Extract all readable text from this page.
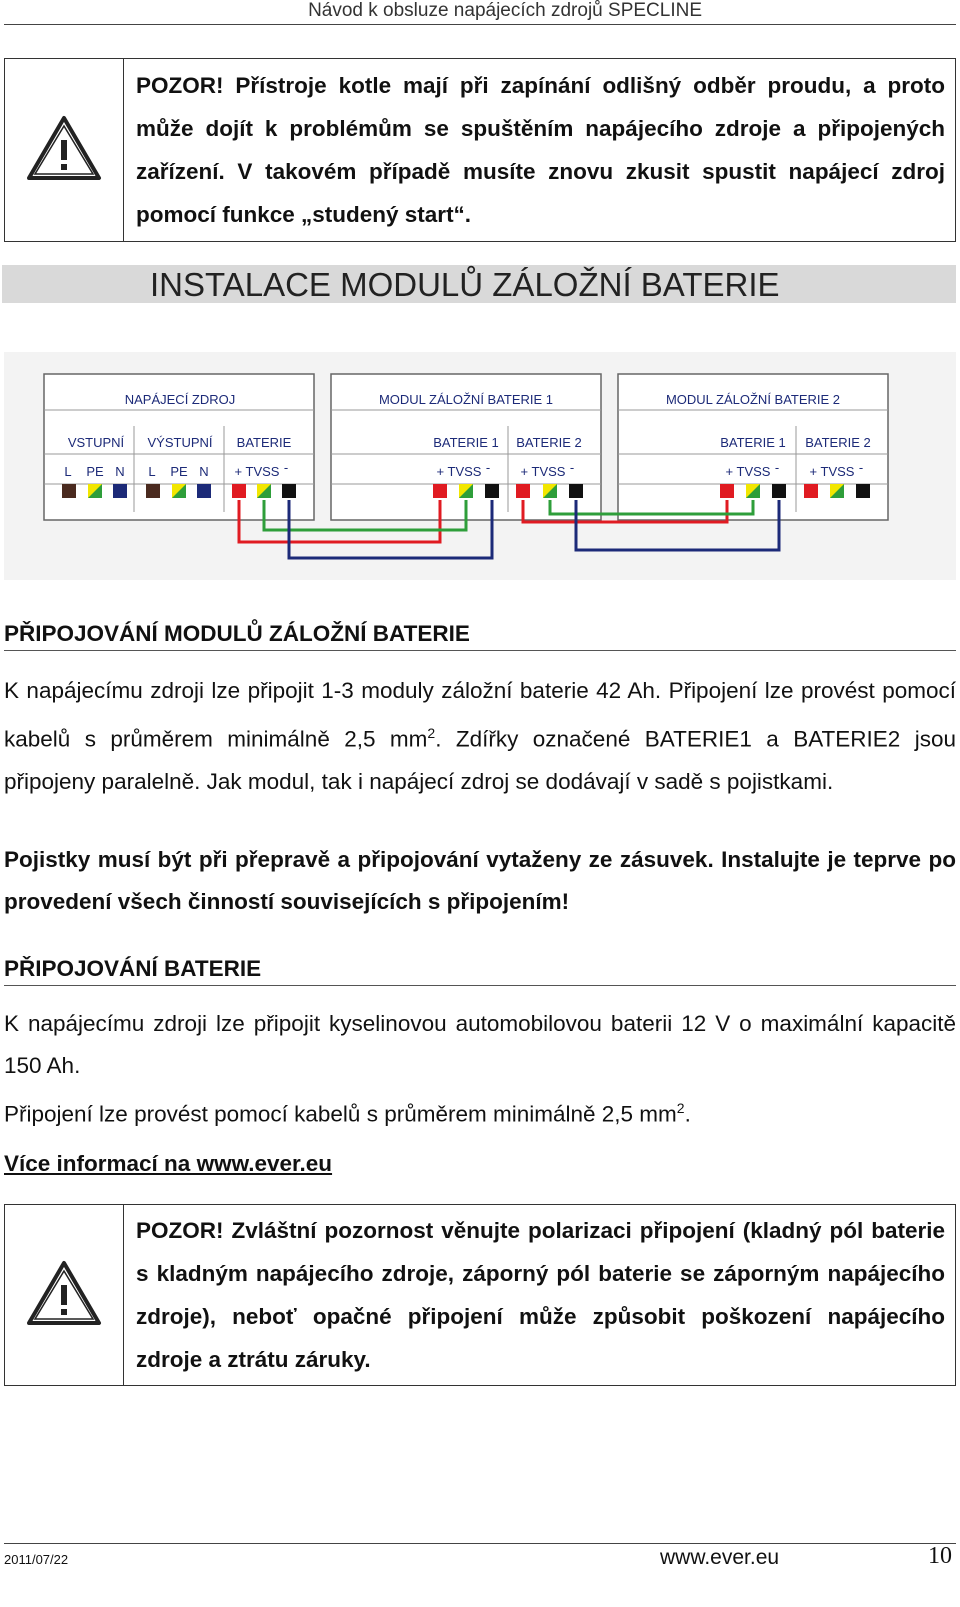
Návod k obsluze napájecích zdrojů SPECLINE
	POZOR! Přístroje kotle mají při zapínání odlišný odběr proudu, a proto může dojít k problémům se spuštěním napájecího zdroje a připojených zařízení. V takovém případě musíte znovu zkusit spustit napájecí zdroj pomocí funkce „studený start“.
INSTALACE MODULŮ ZÁLOŽNÍ BATERIE
NAPÁJECÍ ZDROJ
VSTUPNÍ VÝSTUPNÍ BATERIE
L PE N L PE N + TVSS -
MODUL ZÁLOŽNÍ BATERIE 1
BATERIE 1 BATERIE 2
+ TVSS - + TVSS -
MODUL ZÁLOŽNÍ BATERIE 2
BATERIE 1 BATERIE 2
+ TVSS - + TVSS -
PŘIPOJOVÁNÍ MODULŮ ZÁLOŽNÍ BATERIE
K napájecímu zdroji lze připojit 1-3 moduly záložní baterie 42 Ah. Připojení lze provést pomocí kabelů s průměrem minimálně 2,5 $mm^2$. Zdířky označené BATERIE1 a BATERIE2 jsou připojeny paralelně. Jak modul, tak i napájecí zdroj se dodávají v sadě s pojistkami.
Pojistky musí být při přepravě a připojování vytaženy ze zásuvek. Instalujte je teprve po provedení všech činností souvisejících s připojením!
PŘIPOJOVÁNÍ BATERIE
K napájecímu zdroji lze připojit kyselinovou automobilovou baterii 12 V o maximální kapacitě 150 Ah.
Připojení lze provést pomocí kabelů s průměrem minimálně 2,5 $mm^2$.
Více informací na www.ever.eu
	POZOR! Zvláštní pozornost věnujte polarizaci připojení (kladný pól baterie s kladným napájecího zdroje, záporný pól baterie se záporným napájecího zdroje), neboť opačné připojení může způsobit poškození napájecího zdroje a ztrátu záruky.
2011/07/22	www.ever.eu	10
